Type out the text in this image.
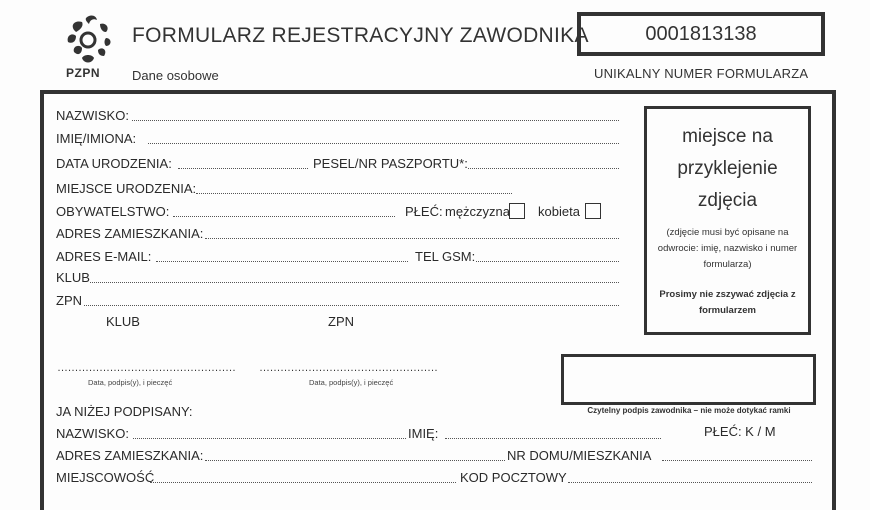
PZPN
FORMULARZ REJESTRACYJNY ZAWODNIKA
Dane osobowe
0001813138
UNIKALNY NUMER FORMULARZA
NAZWISKO:
IMIĘ/IMIONA:
DATA URODZENIA:	PESEL/NR PASZPORTU*:
MIEJSCE URODZENIA:
OBYWATELSTWO:	PŁEĆ: mężczyzna kobieta
ADRES ZAMIESZKANIA:
ADRES E-MAIL:	TEL GSM:
KLUB
ZPN
miejsce na przyklejenie zdjęcia
(zdjęcie musi być opisane na odwrocie: imię, nazwisko i numer formularza)
Prosimy nie zszywać zdjęcia z formularzem
KLUB	ZPN
……………………………………………
Data, podpis(y), i pieczęć
……………………………………………
Data, podpis(y), i pieczęć
Czytelny podpis zawodnika – nie może dotykać ramki
JA NIŻEJ PODPISANY:
NAZWISKO:	IMIĘ:	PŁEĆ: K / M
ADRES ZAMIESZKANIA:	NR DOMU/MIESZKANIA
MIEJSCOWOŚĆ	KOD POCZTOWY
